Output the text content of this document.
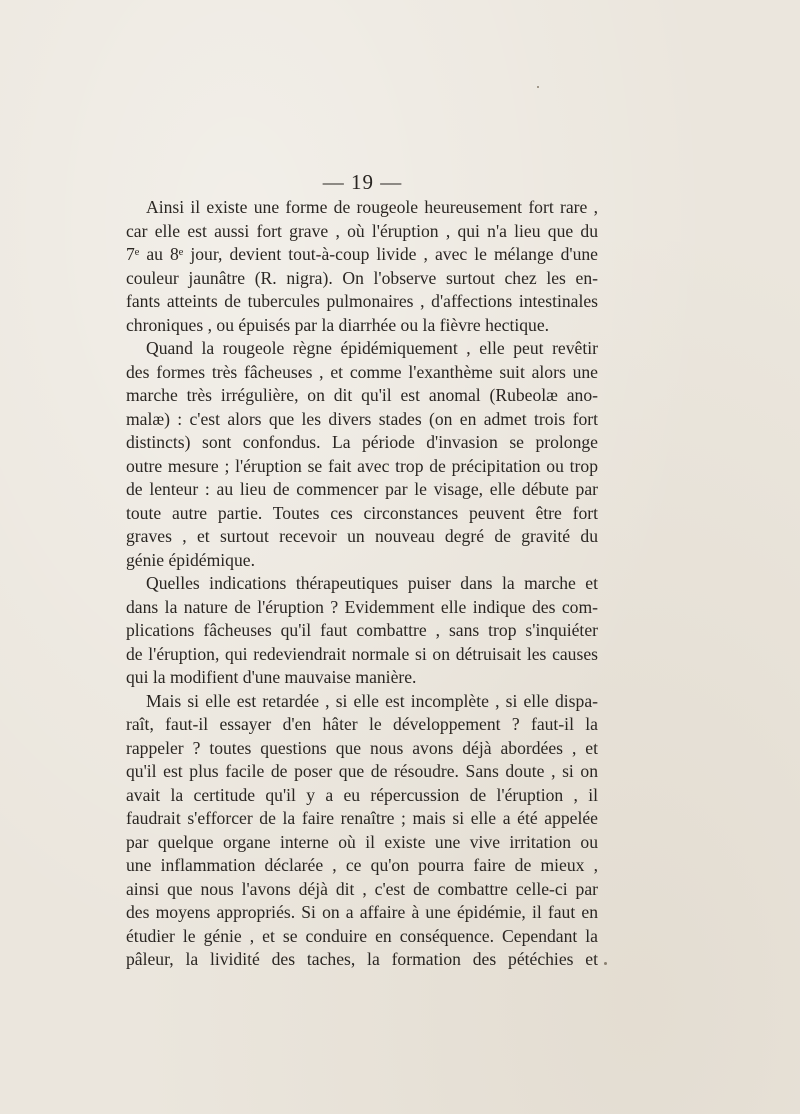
— 19 —
Ainsi il existe une forme de rougeole heureusement fort rare ,
car elle est aussi fort grave , où l'éruption , qui n'a lieu que du
7ᵉ au 8ᵉ jour, devient tout-à-coup livide , avec le mélange d'une
couleur jaunâtre (R. nigra). On l'observe surtout chez les en-
fants atteints de tubercules pulmonaires , d'affections intestinales
chroniques , ou épuisés par la diarrhée ou la fièvre hectique.
Quand la rougeole règne épidémiquement , elle peut revêtir
des formes très fâcheuses , et comme l'exanthème suit alors une
marche très irrégulière, on dit qu'il est anomal (Rubeolæ ano-
malæ) : c'est alors que les divers stades (on en admet trois fort
distincts) sont confondus. La période d'invasion se prolonge
outre mesure ; l'éruption se fait avec trop de précipitation ou trop
de lenteur : au lieu de commencer par le visage, elle débute par
toute autre partie. Toutes ces circonstances peuvent être fort
graves , et surtout recevoir un nouveau degré de gravité du
génie épidémique.
Quelles indications thérapeutiques puiser dans la marche et
dans la nature de l'éruption ? Evidemment elle indique des com-
plications fâcheuses qu'il faut combattre , sans trop s'inquiéter
de l'éruption, qui redeviendrait normale si on détruisait les causes
qui la modifient d'une mauvaise manière.
Mais si elle est retardée , si elle est incomplète , si elle dispa-
raît, faut-il essayer d'en hâter le développement ? faut-il la
rappeler ? toutes questions que nous avons déjà abordées , et
qu'il est plus facile de poser que de résoudre. Sans doute , si on
avait la certitude qu'il y a eu répercussion de l'éruption , il
faudrait s'efforcer de la faire renaître ; mais si elle a été appelée
par quelque organe interne où il existe une vive irritation ou
une inflammation déclarée , ce qu'on pourra faire de mieux ,
ainsi que nous l'avons déjà dit , c'est de combattre celle-ci par
des moyens appropriés. Si on a affaire à une épidémie, il faut en
étudier le génie , et se conduire en conséquence. Cependant la
pâleur, la lividité des taches, la formation des pétéchies et
